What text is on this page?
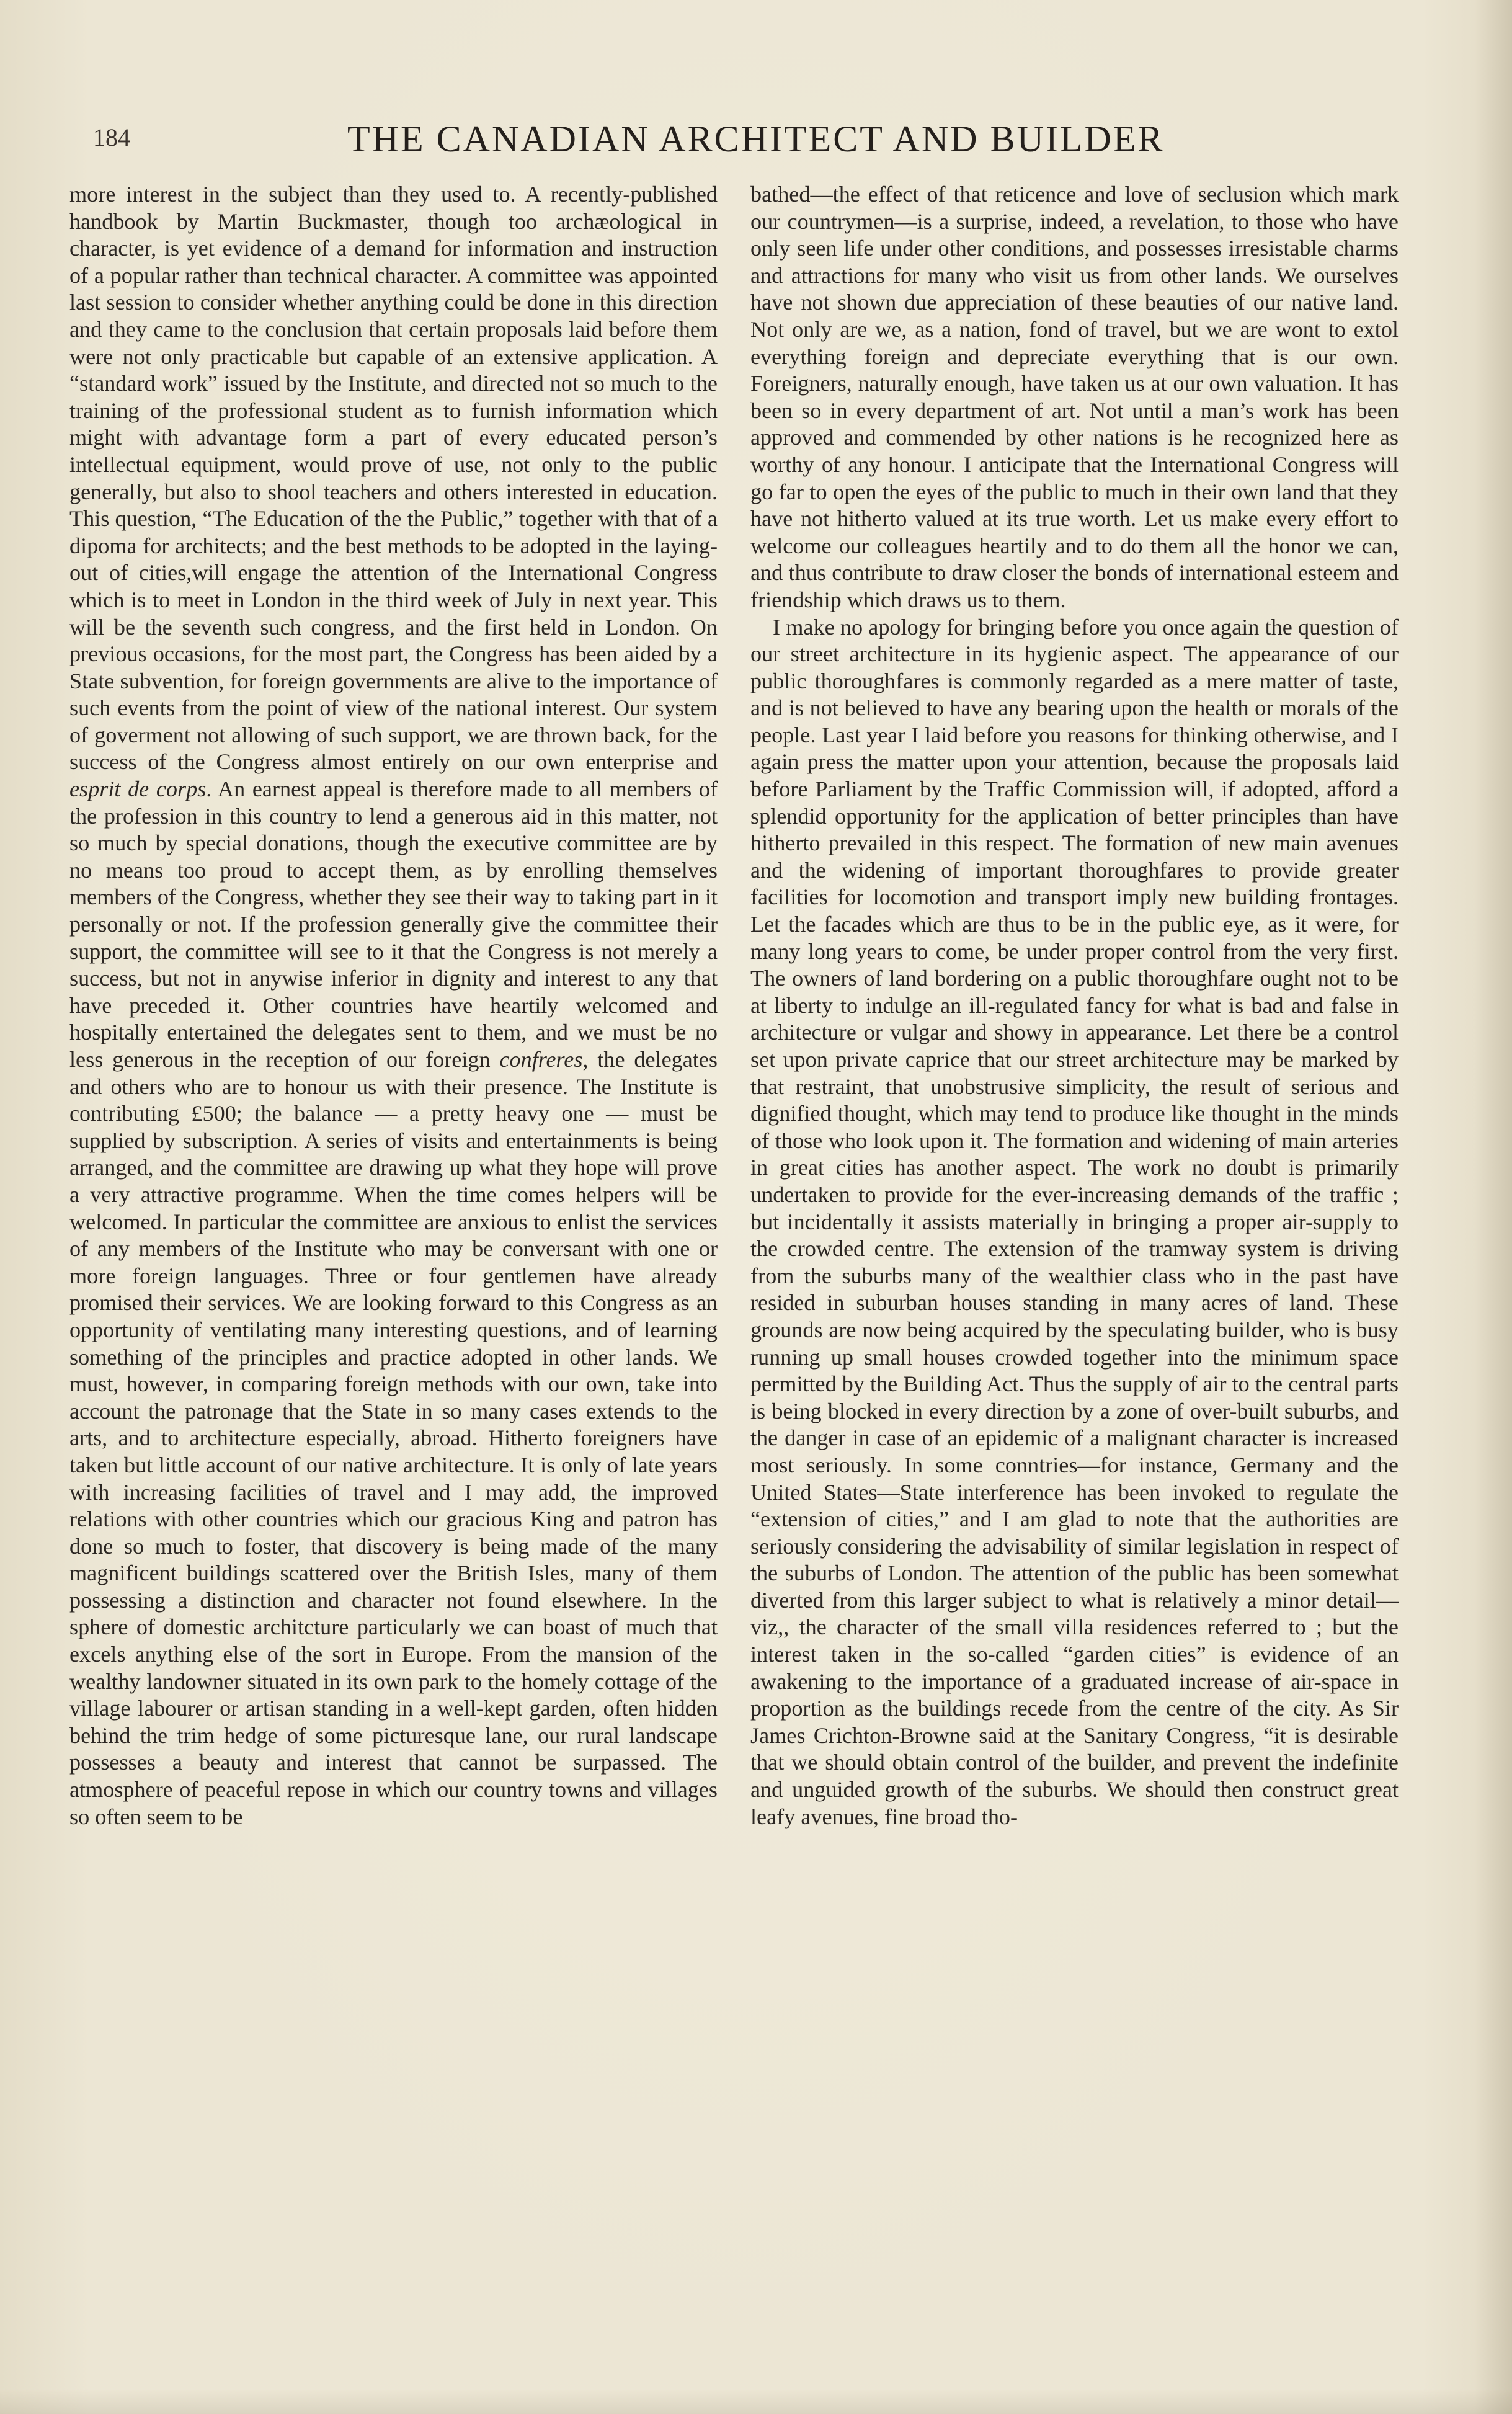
184	THE CANADIAN ARCHITECT AND BUILDER

more interest in the subject than they used to. A recently-published handbook by Martin Buckmaster, though too archæological in character, is yet evidence of a demand for information and instruction of a popular rather than technical character. A committee was appointed last session to consider whether anything could be done in this direction and they came to the conclusion that certain proposals laid before them were not only practicable but capable of an extensive application. A “standard work” issued by the Institute, and directed not so much to the training of the professional student as to furnish information which might with advantage form a part of every educated person’s intellectual equipment, would prove of use, not only to the public generally, but also to shool teachers and others interested in education. This question, “The Education of the the Public,” together with that of a dipoma for architects; and the best methods to be adopted in the laying-out of cities,will engage the attention of the International Congress which is to meet in London in the third week of July in next year. This will be the seventh such congress, and the first held in London. On previous occasions, for the most part, the Congress has been aided by a State subvention, for foreign governments are alive to the importance of such events from the point of view of the national interest. Our system of goverment not allowing of such support, we are thrown back, for the success of the Congress almost entirely on our own enterprise and esprit de corps. An earnest appeal is therefore made to all members of the profession in this country to lend a generous aid in this matter, not so much by special donations, though the executive committee are by no means too proud to accept them, as by enrolling themselves members of the Congress, whether they see their way to taking part in it personally or not. If the profession generally give the committee their support, the committee will see to it that the Congress is not merely a success, but not in anywise inferior in dignity and interest to any that have preceded it. Other countries have heartily welcomed and hospitally entertained the delegates sent to them, and we must be no less generous in the reception of our foreign confreres, the delegates and others who are to honour us with their presence. The Institute is contributing £500; the balance — a pretty heavy one — must be supplied by subscription. A series of visits and entertainments is being arranged, and the committee are drawing up what they hope will prove a very attractive programme. When the time comes helpers will be welcomed. In particular the committee are anxious to enlist the services of any members of the Institute who may be conversant with one or more foreign languages. Three or four gentlemen have already promised their services. We are looking forward to this Congress as an opportunity of ventilating many interesting questions, and of learning something of the principles and practice adopted in other lands. We must, however, in comparing foreign methods with our own, take into account the patronage that the State in so many cases extends to the arts, and to architecture especially, abroad. Hitherto foreigners have taken but little account of our native architecture. It is only of late years with increasing facilities of travel and I may add, the improved relations with other countries which our gracious King and patron has done so much to foster, that discovery is being made of the many magnificent buildings scattered over the British Isles, many of them possessing a distinction and character not found elsewhere. In the sphere of domestic architcture particularly we can boast of much that excels anything else of the sort in Europe. From the mansion of the wealthy landowner situated in its own park to the homely cottage of the village labourer or artisan standing in a well-kept garden, often hidden behind the trim hedge of some picturesque lane, our rural landscape possesses a beauty and interest that cannot be surpassed. The atmosphere of peaceful repose in which our country towns and villages so often seem to be

bathed—the effect of that reticence and love of seclusion which mark our countrymen—is a surprise, indeed, a revelation, to those who have only seen life under other conditions, and possesses irresistable charms and attractions for many who visit us from other lands. We ourselves have not shown due appreciation of these beauties of our native land. Not only are we, as a nation, fond of travel, but we are wont to extol everything foreign and depreciate everything that is our own. Foreigners, naturally enough, have taken us at our own valuation. It has been so in every department of art. Not until a man’s work has been approved and commended by other nations is he recognized here as worthy of any honour. I anticipate that the International Congress will go far to open the eyes of the public to much in their own land that they have not hitherto valued at its true worth. Let us make every effort to welcome our colleagues heartily and to do them all the honor we can, and thus contribute to draw closer the bonds of international esteem and friendship which draws us to them.

I make no apology for bringing before you once again the question of our street architecture in its hygienic aspect. The appearance of our public thoroughfares is commonly regarded as a mere matter of taste, and is not believed to have any bearing upon the health or morals of the people. Last year I laid before you reasons for thinking otherwise, and I again press the matter upon your attention, because the proposals laid before Parliament by the Traffic Commission will, if adopted, afford a splendid opportunity for the application of better principles than have hitherto prevailed in this respect. The formation of new main avenues and the widening of important thoroughfares to provide greater facilities for locomotion and transport imply new building frontages. Let the facades which are thus to be in the public eye, as it were, for many long years to come, be under proper control from the very first. The owners of land bordering on a public thoroughfare ought not to be at liberty to indulge an ill-regulated fancy for what is bad and false in architecture or vulgar and showy in appearance. Let there be a control set upon private caprice that our street architecture may be marked by that restraint, that unobstrusive simplicity, the result of serious and dignified thought, which may tend to produce like thought in the minds of those who look upon it. The formation and widening of main arteries in great cities has another aspect. The work no doubt is primarily undertaken to provide for the ever-increasing demands of the traffic ; but incidentally it assists materially in bringing a proper air-supply to the crowded centre. The extension of the tramway system is driving from the suburbs many of the wealthier class who in the past have resided in suburban houses standing in many acres of land. These grounds are now being acquired by the speculating builder, who is busy running up small houses crowded together into the minimum space permitted by the Building Act. Thus the supply of air to the central parts is being blocked in every direction by a zone of over-built suburbs, and the danger in case of an epidemic of a malignant character is increased most seriously. In some conntries—for instance, Germany and the United States—State interference has been invoked to regulate the “extension of cities,” and I am glad to note that the authorities are seriously considering the advisability of similar legislation in respect of the suburbs of London. The attention of the public has been somewhat diverted from this larger subject to what is relatively a minor detail—viz,, the character of the small villa residences referred to ; but the interest taken in the so-called “garden cities” is evidence of an awakening to the importance of a graduated increase of air-space in proportion as the buildings recede from the centre of the city. As Sir James Crichton-Browne said at the Sanitary Congress, “it is desirable that we should obtain control of the builder, and prevent the indefinite and unguided growth of the suburbs. We should then construct great leafy avenues, fine broad tho-
